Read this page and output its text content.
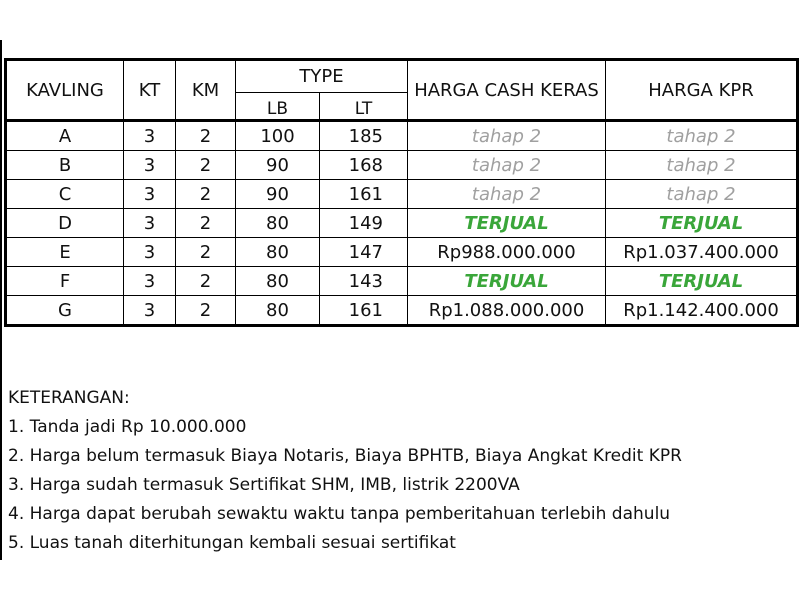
KAVLING	KT	KM	TYPE		HARGA CASH KERAS	HARGA KPR
			LB	LT		
A	3	2	100	185	tahap 2	tahap 2
B	3	2	90	168	tahap 2	tahap 2
C	3	2	90	161	tahap 2	tahap 2
D	3	2	80	149	TERJUAL	TERJUAL
E	3	2	80	147	Rp988.000.000	Rp1.037.400.000
F	3	2	80	143	TERJUAL	TERJUAL
G	3	2	80	161	Rp1.088.000.000	Rp1.142.400.000
KETERANGAN:
1. Tanda jadi Rp 10.000.000
2. Harga belum termasuk Biaya Notaris, Biaya BPHTB, Biaya Angkat Kredit KPR
3. Harga sudah termasuk Sertifikat SHM, IMB, listrik 2200VA
4. Harga dapat berubah sewaktu waktu tanpa pemberitahuan terlebih dahulu
5. Luas tanah diterhitungan kembali sesuai sertifikat
